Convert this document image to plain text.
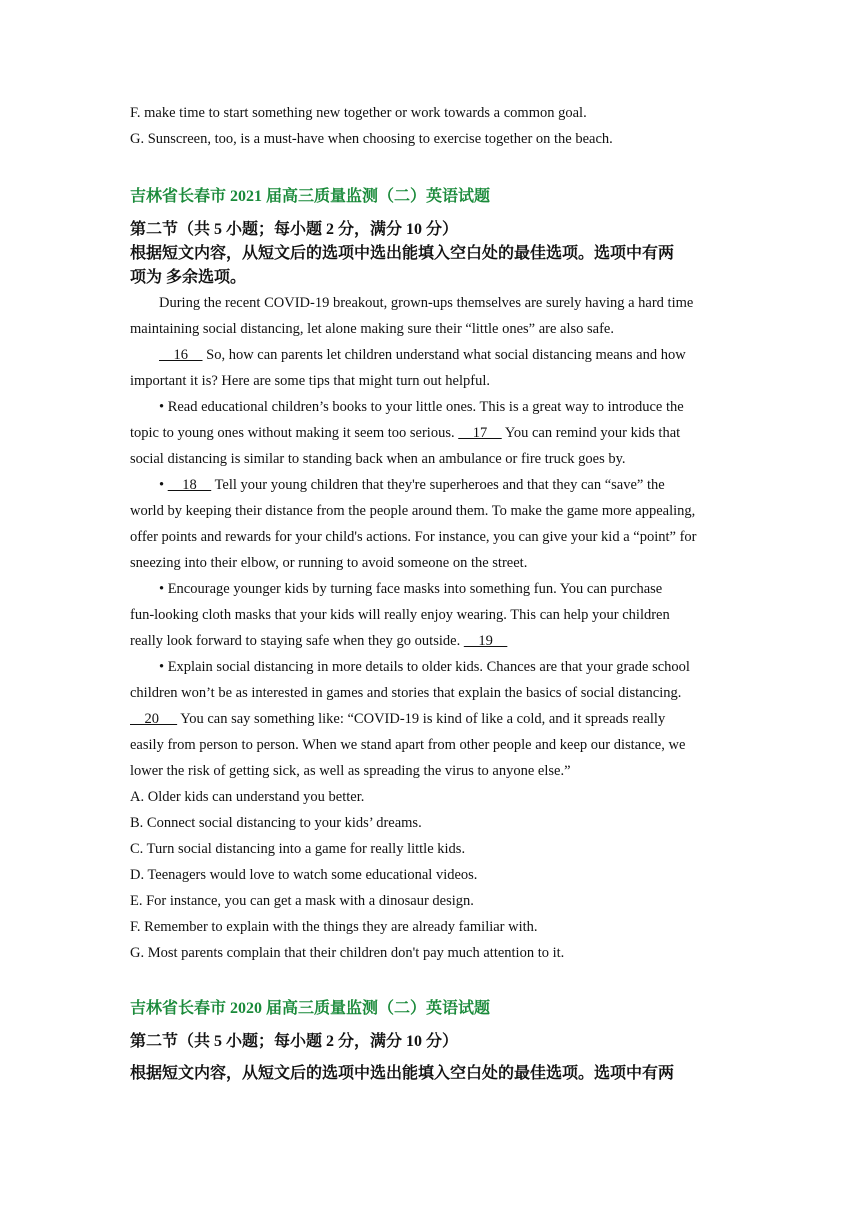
F. make time to start something new together or work towards a common goal.
G. Sunscreen, too, is a must-have when choosing to exercise together on the beach.
吉林省长春市 2021 届高三质量监测（二）英语试题
第二节（共 5 小题；每小题 2 分，满分 10 分）
根据短文内容，从短文后的选项中选出能填入空白处的最佳选项。选项中有两
项为 多余选项。
During the recent COVID-19 breakout, grown-ups themselves are surely having a hard time
maintaining social distancing, let alone making sure their “little ones” are also safe.
16     So, how can parents let children understand what social distancing means and how
important it is? Here are some tips that might turn out helpful.
• Read educational children’s books to your little ones. This is a great way to introduce the
topic to young ones without making it seem too serious.     17     You can remind your kids that
social distancing is similar to standing back when an ambulance or fire truck goes by.
•     18     Tell your young children that they're superheroes and that they can “save” the
world by keeping their distance from the people around them. To make the game more appealing,
offer points and rewards for your child's actions. For instance, you can give your kid a “point” for
sneezing into their elbow, or running to avoid someone on the street.
• Encourage younger kids by turning face masks into something fun. You can purchase
fun-looking cloth masks that your kids will really enjoy wearing. This can help your children
really look forward to staying safe when they go outside.     19
• Explain social distancing in more details to older kids. Chances are that your grade school
children won’t be as interested in games and stories that explain the basics of social distancing.
20      You can say something like: “COVID-19 is kind of like a cold, and it spreads really
easily from person to person. When we stand apart from other people and keep our distance, we
lower the risk of getting sick, as well as spreading the virus to anyone else.”
A. Older kids can understand you better.
B. Connect social distancing to your kids’ dreams.
C. Turn social distancing into a game for really little kids.
D. Teenagers would love to watch some educational videos.
E. For instance, you can get a mask with a dinosaur design.
F. Remember to explain with the things they are already familiar with.
G. Most parents complain that their children don't pay much attention to it.
吉林省长春市 2020 届高三质量监测（二）英语试题
第二节（共 5 小题；每小题 2 分，满分 10 分）
根据短文内容，从短文后的选项中选出能填入空白处的最佳选项。选项中有两
